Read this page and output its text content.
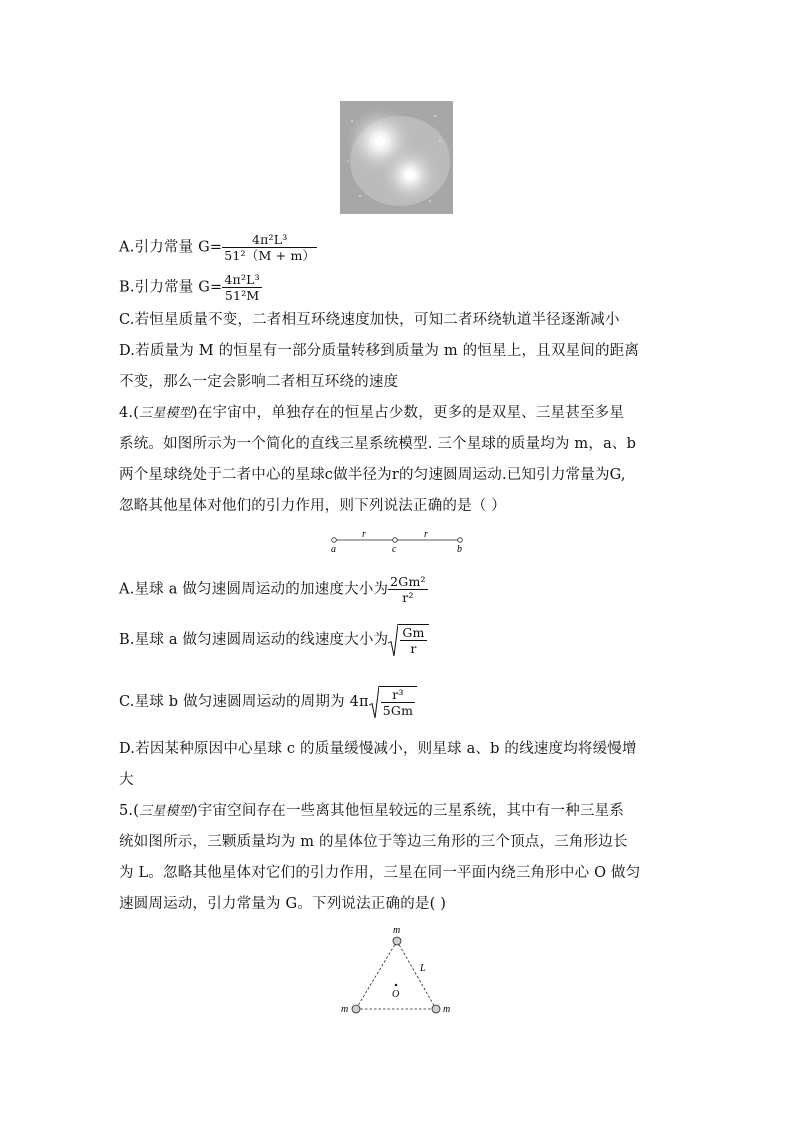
A.引力常量 $G= \frac{\text{4π²L³}}{\text{51²（M + m）}}$
B.引力常量 $G= \frac{\text{4π²L³}}{\text{51²M}}$
C.若恒星质量不变，二者相互环绕速度加快，可知二者环绕轨道半径逐渐减小
D.若质量为 M 的恒星有一部分质量转移到质量为 m 的恒星上，且双星间的距离
不变，那么一定会影响二者相互环绕的速度
4.(三星模型)在宇宙中，单独存在的恒星占少数，更多的是双星、三星甚至多星
系统。如图所示为一个简化的直线三星系统模型. 三个星球的质量均为 m，a、b
两个星球绕处于二者中心的星球c做半径为r的匀速圆周运动.已知引力常量为G,
忽略其他星体对他们的引力作用，则下列说法正确的是（ ）
a
r
c
r
b
A.星球 a 做匀速圆周运动的加速度大小为 $\frac{\text{2Gm²}}{\text{r²}}$
B.星球 a 做匀速圆周运动的线速度大小为 $\frac{Gm}{r}$
C.星球 b 做匀速圆周运动的周期为 $4\pi \frac{\text{r³}}{5Gm}$
D.若因某种原因中心星球 c 的质量缓慢减小，则星球 a、b 的线速度均将缓慢增
大
5.(三星模型)宇宙空间存在一些离其他恒星较远的三星系统，其中有一种三星系
统如图所示，三颗质量均为 m 的星体位于等边三角形的三个顶点，三角形边长
为 L。忽略其他星体对它们的引力作用，三星在同一平面内绕三角形中心 O 做匀
速圆周运动，引力常量为 G。下列说法正确的是( )
m
L
O
m	m
